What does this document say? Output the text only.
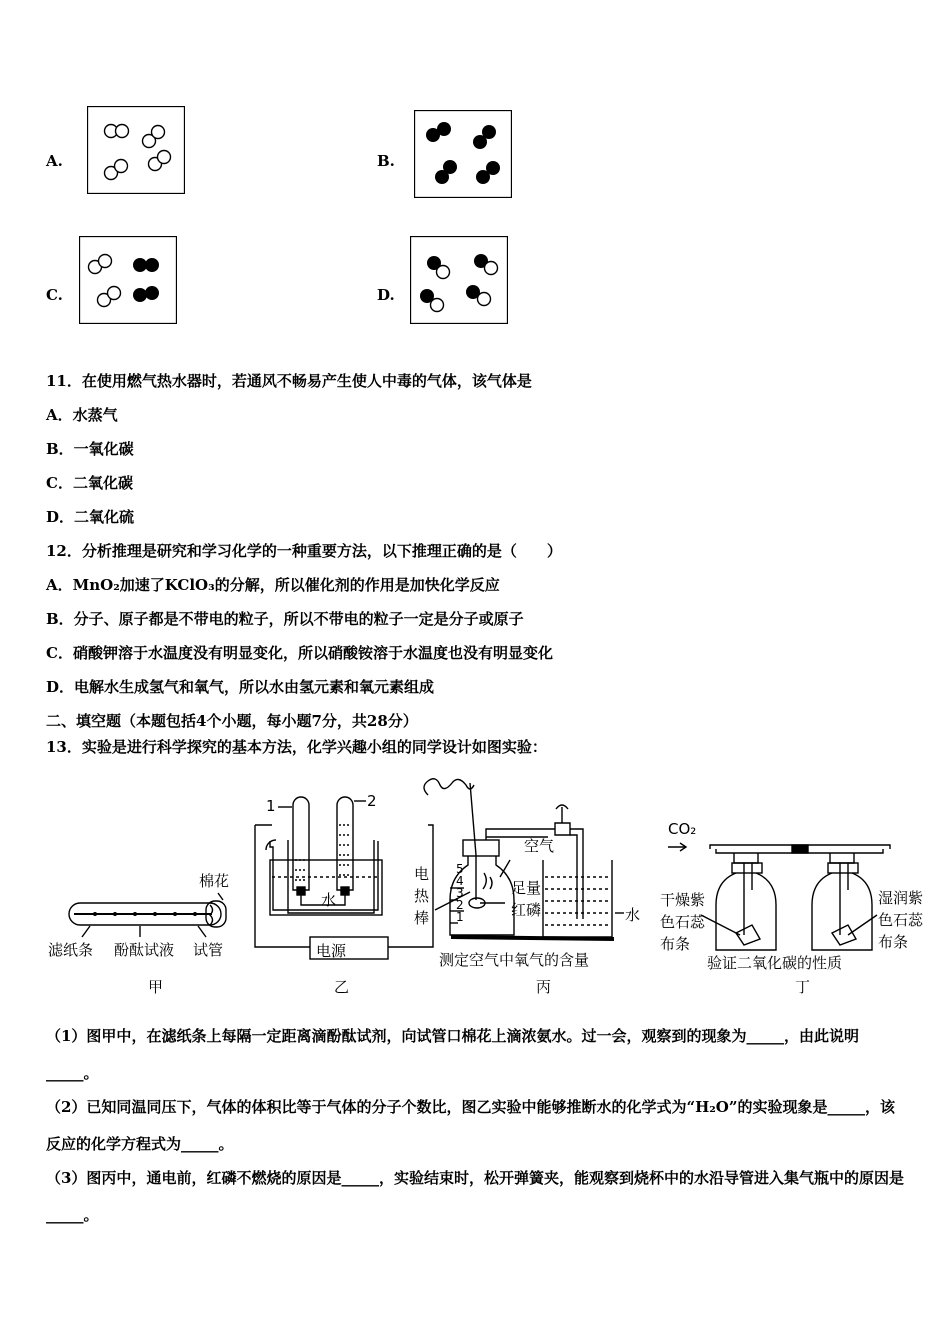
A.	B.
C.	D.
11．在使用燃气热水器时，若通风不畅易产生使人中毒的气体，该气体是
A．水蒸气
B．一氧化碳
C．二氧化碳
D．二氧化硫
12．分析推理是研究和学习化学的一种重要方法，以下推理正确的是（　　）
A．MnO₂加速了KClO₃的分解，所以催化剂的作用是加快化学反应
B．分子、原子都是不带电的粒子，所以不带电的粒子一定是分子或原子
C．硝酸钾溶于水温度没有明显变化，所以硝酸铵溶于水温度也没有明显变化
D．电解水生成氢气和氧气，所以水由氢元素和氧元素组成
二、填空题（本题包括4个小题，每小题7分，共28分）
13．实验是进行科学探究的基本方法，化学兴趣小组的同学设计如图实验：
棉花
滤纸条 酚酞试液 试管
甲
1	2
水
电源
乙
空气
足量
红磷
电
热
棒
5
4
3
2
1	水
测定空气中氧气的含量
丙
CO₂
干燥紫
色石蕊
布条
湿润紫
色石蕊
布条
验证二氧化碳的性质
丁
（1）图甲中，在滤纸条上每隔一定距离滴酚酞试剂，向试管口棉花上滴浓氨水。过一会，观察到的现象为_____，由此说明_____。
（2）已知同温同压下，气体的体积比等于气体的分子个数比，图乙实验中能够推断水的化学式为“H₂O”的实验现象是_____，该反应的化学方程式为_____。
（3）图丙中，通电前，红磷不燃烧的原因是_____，实验结束时，松开弹簧夹，能观察到烧杯中的水沿导管进入集气瓶中的原因是_____。
